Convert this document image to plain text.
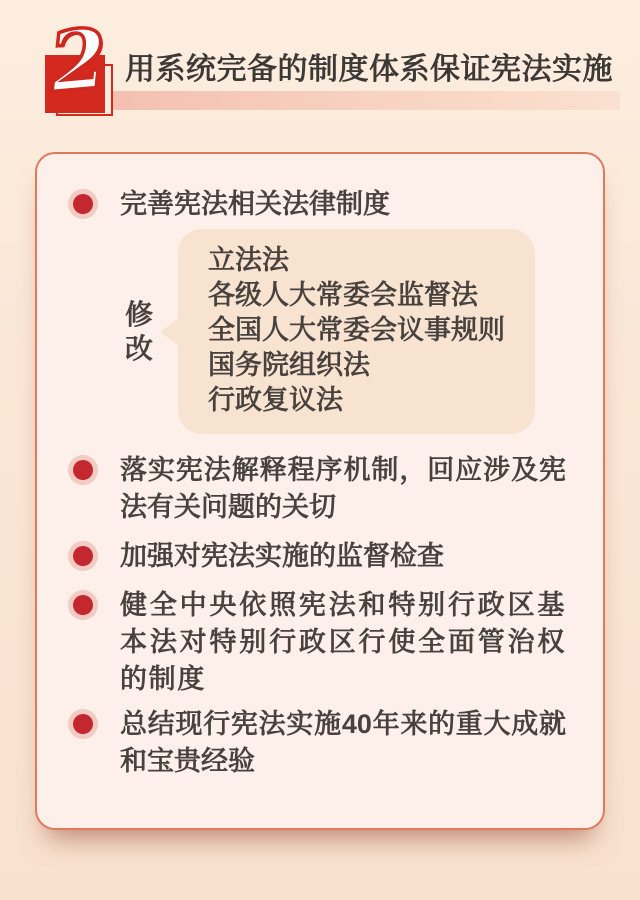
2 用系统完备的制度体系保证宪法实施
完善宪法相关法律制度
修改
立法法
各级人大常委会监督法
全国人大常委会议事规则
国务院组织法
行政复议法
落实宪法解释程序机制，回应涉及宪法有关问题的关切
加强对宪法实施的监督检查
健全中央依照宪法和特别行政区基本法对特别行政区行使全面管治权的制度
总结现行宪法实施40年来的重大成就和宝贵经验
